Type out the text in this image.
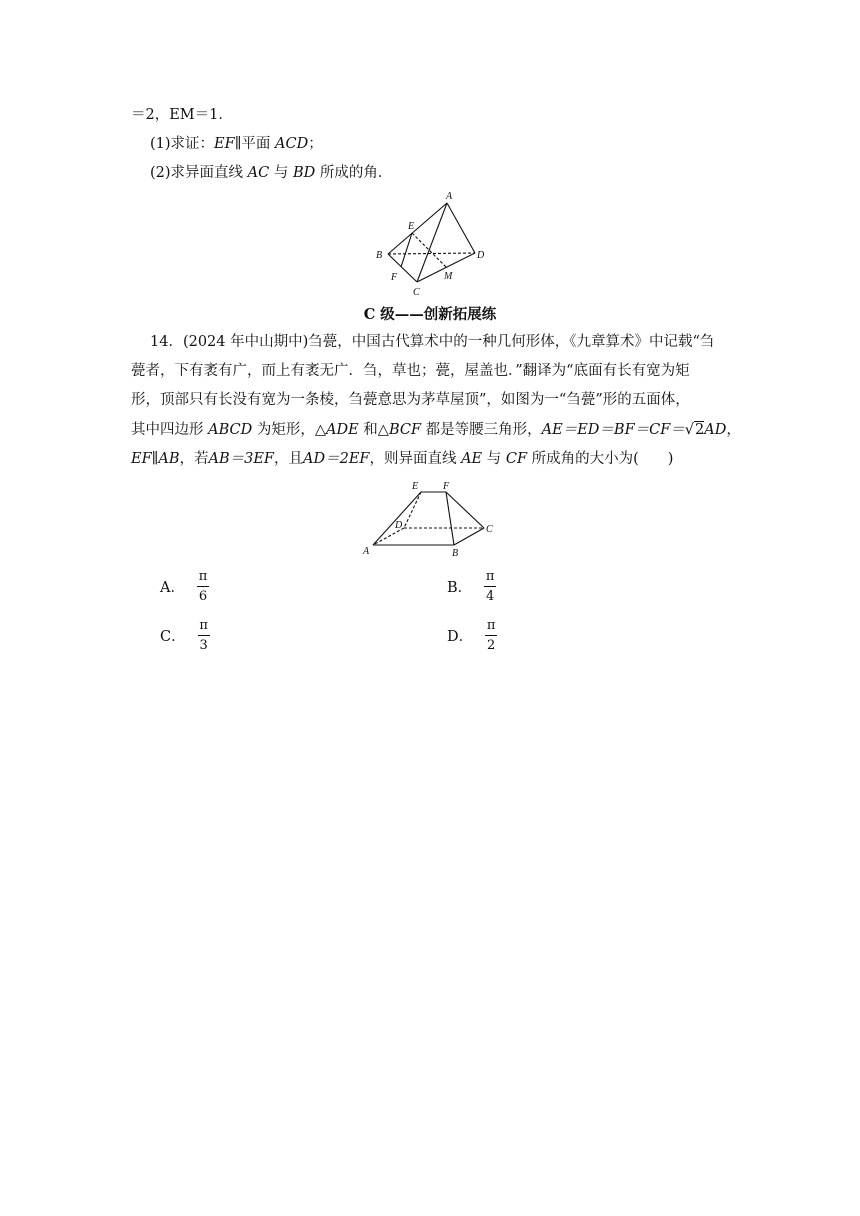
＝2，EM＝1．
(1)求证：EF∥平面 ACD；
(2)求异面直线 AC 与 BD 所成的角．
A
E
B	D
F	M
C
C 级——创新拓展练
14．(2024 年中山期中)刍甍，中国古代算术中的一种几何形体，《九章算术》中记载“刍
甍者，下有袤有广，而上有袤无广．刍，草也；甍，屋盖也．”翻译为“底面有长有宽为矩
形，顶部只有长没有宽为一条棱，刍甍意思为茅草屋顶”，如图为一“刍甍”形的五面体，
其中四边形 ABCD 为矩形，△ADE 和△BCF 都是等腰三角形，AE＝ED＝BF＝CF＝√2AD，
EF∥AB，若AB＝3EF，且AD＝2EF，则异面直线 AE 与 CF 所成角的大小为(　　)
E F
D	C
A	B
A． $\frac{\pi}{6}$	B． $\frac{\pi}{4}$
C． $\frac{\pi}{3}$	D． $\frac{\pi}{2}$
